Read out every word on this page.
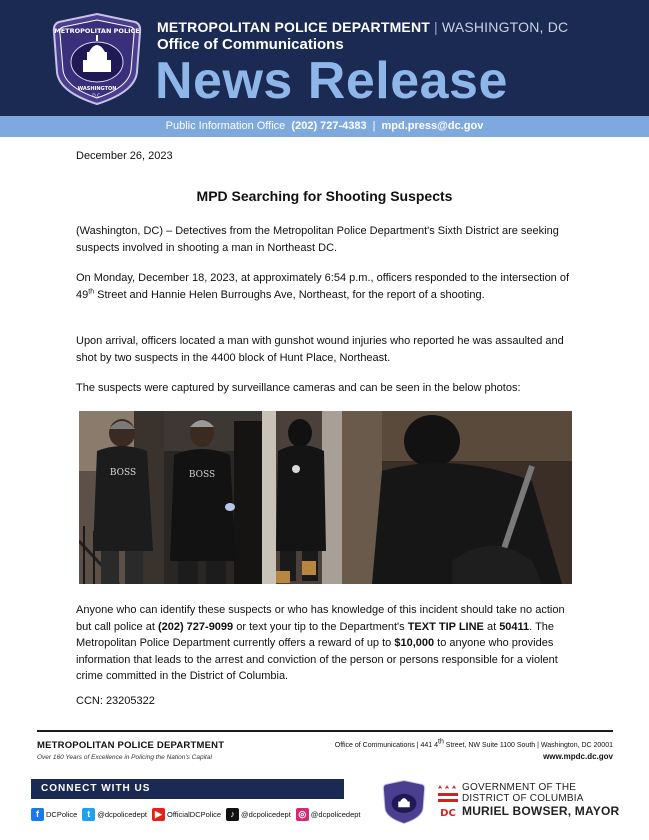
METROPOLITAN POLICE
WASHINGTON
D.C.
METROPOLITAN POLICE DEPARTMENT | WASHINGTON, DC
Office of Communications
News Release
Public Information Office (202) 727-4383 | mpd.press@dc.gov
December 26, 2023
MPD Searching for Shooting Suspects
(Washington, DC) – Detectives from the Metropolitan Police Department's Sixth District are seeking suspects involved in shooting a man in Northeast DC.
On Monday, December 18, 2023, at approximately 6:54 p.m., officers responded to the intersection of 49th Street and Hannie Helen Burroughs Ave, Northeast, for the report of a shooting.
Upon arrival, officers located a man with gunshot wound injuries who reported he was assaulted and shot by two suspects in the 4400 block of Hunt Place, Northeast.
The suspects were captured by surveillance cameras and can be seen in the below photos:
BOSS	BOSS
Anyone who can identify these suspects or who has knowledge of this incident should take no action but call police at (202) 727-9099 or text your tip to the Department's TEXT TIP LINE at 50411. The Metropolitan Police Department currently offers a reward of up to $10,000 to anyone who provides information that leads to the arrest and conviction of the person or persons responsible for a violent crime committed in the District of Columbia.
CCN: 23205322
METROPOLITAN POLICE DEPARTMENT
Over 160 Years of Excellence in Policing the Nation's Capital
Office of Communications | 441 4th Street, NW Suite 1100 South | Washington, DC 20001
www.mpdc.dc.gov
CONNECT WITH US
f DCPolice	t @dcpolicedept ▶ OfficialDCPolice	♪ @dcpolicedept ◎ @dcpolicedept	DC
GOVERNMENT OF THE
DISTRICT OF COLUMBIA
MURIEL BOWSER, MAYOR
